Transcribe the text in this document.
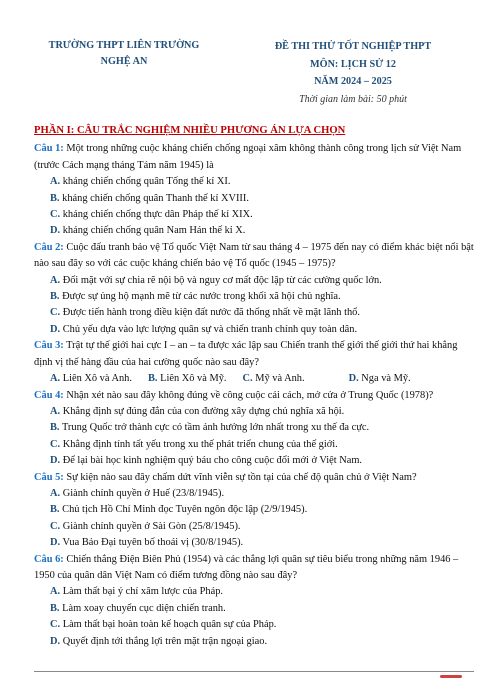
TRƯỜNG THPT LIÊN TRƯỜNG
NGHỆ AN
ĐỀ THI THỬ TỐT NGHIỆP THPT
MÔN: LỊCH SỬ 12
NĂM 2024 – 2025
Thời gian làm bài: 50 phút
PHẦN I: CÂU TRẮC NGHIỆM NHIỀU PHƯƠNG ÁN LỰA CHỌN
Câu 1: Một trong những cuộc kháng chiến chống ngoại xâm không thành công trong lịch sử Việt Nam (trước Cách mạng tháng Tám năm 1945) là
A. kháng chiến chống quân Tống thế kỉ XI.
B. kháng chiến chống quân Thanh thế kỉ XVIII.
C. kháng chiến chống thực dân Pháp thế kỉ XIX.
D. kháng chiến chống quân Nam Hán thế kỉ X.
Câu 2: Cuộc đấu tranh bảo vệ Tổ quốc Việt Nam từ sau tháng 4 – 1975 đến nay có điểm khác biệt nổi bật nào sau đây so với các cuộc kháng chiến bảo vệ Tổ quốc (1945 – 1975)?
A. Đối mặt với sự chia rẽ nội bộ và nguy cơ mất độc lập từ các cường quốc lớn.
B. Được sự ủng hộ mạnh mẽ từ các nước trong khối xã hội chủ nghĩa.
C. Được tiến hành trong điều kiện đất nước đã thống nhất về mặt lãnh thổ.
D. Chủ yếu dựa vào lực lượng quân sự và chiến tranh chính quy toàn dân.
Câu 3: Trật tự thế giới hai cực I – an – ta được xác lập sau Chiến tranh thế giới thế giới thứ hai khẳng định vị thế hàng đầu của hai cường quốc nào sau đây?
A. Liên Xô và Anh. B. Liên Xô và Mỹ. C. Mỹ và Anh.	D. Nga và Mỹ.
Câu 4: Nhận xét nào sau đây không đúng về công cuộc cải cách, mở cửa ở Trung Quốc (1978)?
A. Khẳng định sự đúng đắn của con đường xây dựng chủ nghĩa xã hội.
B. Trung Quốc trở thành cực có tầm ảnh hưởng lớn nhất trong xu thế đa cực.
C. Khẳng định tính tất yếu trong xu thế phát triển chung của thế giới.
D. Để lại bài học kinh nghiệm quý báu cho công cuộc đổi mới ở Việt Nam.
Câu 5: Sự kiện nào sau đây chấm dứt vĩnh viễn sự tồn tại của chế độ quân chủ ở Việt Nam?
A. Giành chính quyền ở Huế (23/8/1945).
B. Chủ tịch Hồ Chí Minh đọc Tuyên ngôn độc lập (2/9/1945).
C. Giành chính quyền ở Sài Gòn (25/8/1945).
D. Vua Bảo Đại tuyên bố thoái vị (30/8/1945).
Câu 6: Chiến thắng Điện Biên Phủ (1954) và các thắng lợi quân sự tiêu biểu trong những năm 1946 – 1950 của quân dân Việt Nam có điểm tương đồng nào sau đây?
A. Làm thất bại ý chí xâm lược của Pháp.
B. Làm xoay chuyển cục diện chiến tranh.
C. Làm thất bại hoàn toàn kế hoạch quân sự của Pháp.
D. Quyết định tới thắng lợi trên mặt trận ngoại giao.
